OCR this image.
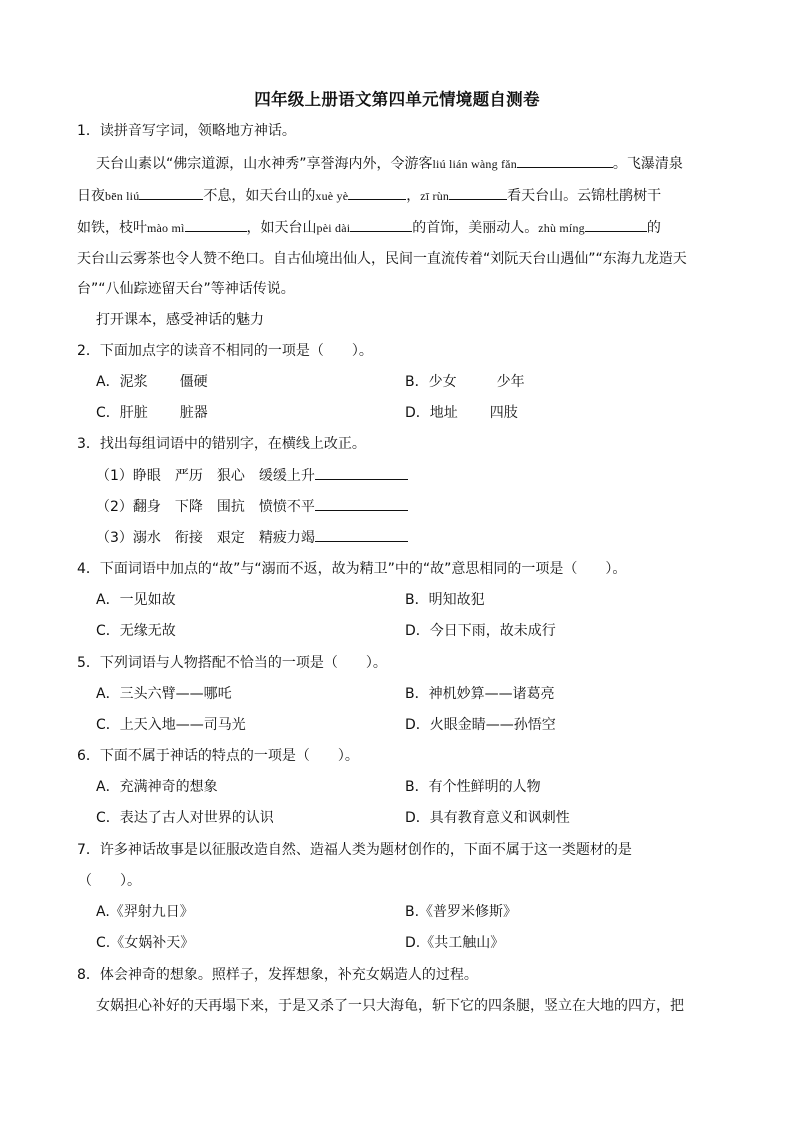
四年级上册语文第四单元情境题自测卷
1．读拼音写字词，领略地方神话。
天台山素以“佛宗道源，山水神秀”享誉海内外，令游客liú lián wàng fǎn	。飞瀑清泉
日夜bēn liú	不息，如天台山的xuè yè	，zī rùn	看天台山。云锦杜鹃树干
如铁，枝叶mào mì	，如天台山pèi dài	的首饰，美丽动人。zhù míng	的
天台山云雾茶也令人赞不绝口。自古仙境出仙人，民间一直流传着“刘阮天台山遇仙”“东海九龙造天
台”“八仙踪迹留天台”等神话传说。
打开课本，感受神话的魅力
2．下面加点字的读音不相同的一项是（　　）。
A．泥浆 僵硬	B．少女	少年
C．肝脏 脏器	D．地址 四肢
3．找出每组词语中的错别字，在横线上改正。
（1）睁眼　严历　狠心　缓缓上升
（2）翻身　下降　围抗　愤愤不平
（3）溺水　衔接　艰定　精疲力竭
4．下面词语中加点的“故”与“溺而不返，故为精卫”中的“故”意思相同的一项是（　　）。
A．一见如故	B．明知故犯
C．无缘无故	D．今日下雨，故未成行
5．下列词语与人物搭配不恰当的一项是（　　）。
A．三头六臂——哪吒	B．神机妙算——诸葛亮
C．上天入地——司马光	D．火眼金睛——孙悟空
6．下面不属于神话的特点的一项是（　　）。
A．充满神奇的想象	B．有个性鲜明的人物
C．表达了古人对世界的认识	D．具有教育意义和讽刺性
7．许多神话故事是以征服改造自然、造福人类为题材创作的，下面不属于这一类题材的是
（　　）。
A.《羿射九日》	B.《普罗米修斯》
C.《女娲补天》	D.《共工触山》
8．体会神奇的想象。照样子，发挥想象，补充女娲造人的过程。
女娲担心补好的天再塌下来，于是又杀了一只大海龟，斩下它的四条腿，竖立在大地的四方，把
